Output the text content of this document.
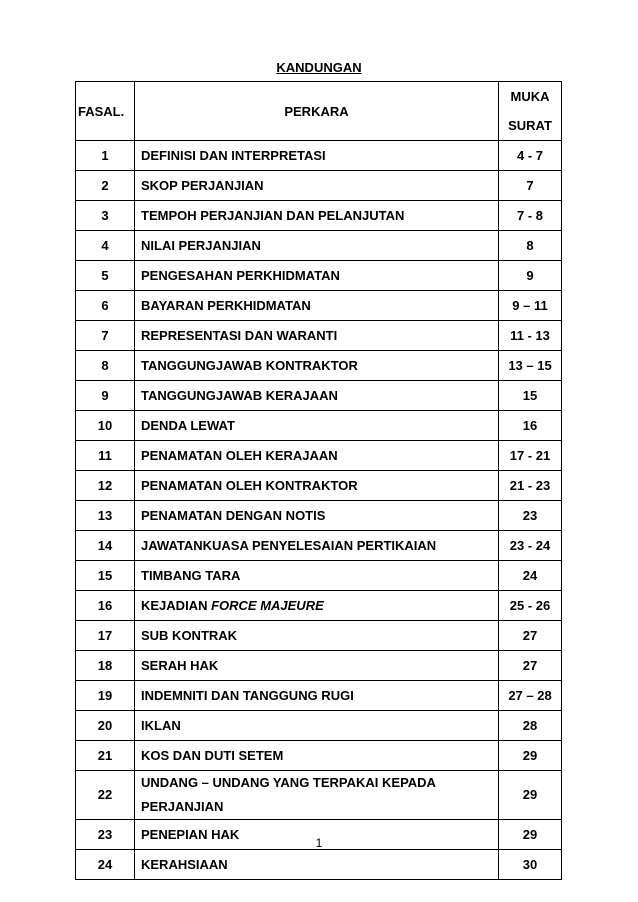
KANDUNGAN
FASAL.	PERKARA	MUKA
SURAT

1	DEFINISI DAN INTERPRETASI	4 - 7
2	SKOP PERJANJIAN	7
3	TEMPOH PERJANJIAN DAN PELANJUTAN	7 - 8
4	NILAI PERJANJIAN	8
5	PENGESAHAN PERKHIDMATAN	9
6	BAYARAN PERKHIDMATAN	9 – 11
7	REPRESENTASI DAN WARANTI	11 - 13
8	TANGGUNGJAWAB KONTRAKTOR	13 – 15
9	TANGGUNGJAWAB KERAJAAN	15
10	DENDA LEWAT	16
11	PENAMATAN OLEH KERAJAAN	17 - 21
12	PENAMATAN OLEH KONTRAKTOR	21 - 23
13	PENAMATAN DENGAN NOTIS	23
14	JAWATANKUASA PENYELESAIAN PERTIKAIAN	23 - 24
15	TIMBANG TARA	24
16	KEJADIAN FORCE MAJEURE	25 - 26
17	SUB KONTRAK	27
18	SERAH HAK	27
19	INDEMNITI DAN TANGGUNG RUGI	27 – 28
20	IKLAN	28
21	KOS DAN DUTI SETEM	29
22	UNDANG – UNDANG YANG TERPAKAI KEPADA
PERJANJIAN	29
23	PENEPIAN HAK	29
24	KERAHSIAAN	30
1
